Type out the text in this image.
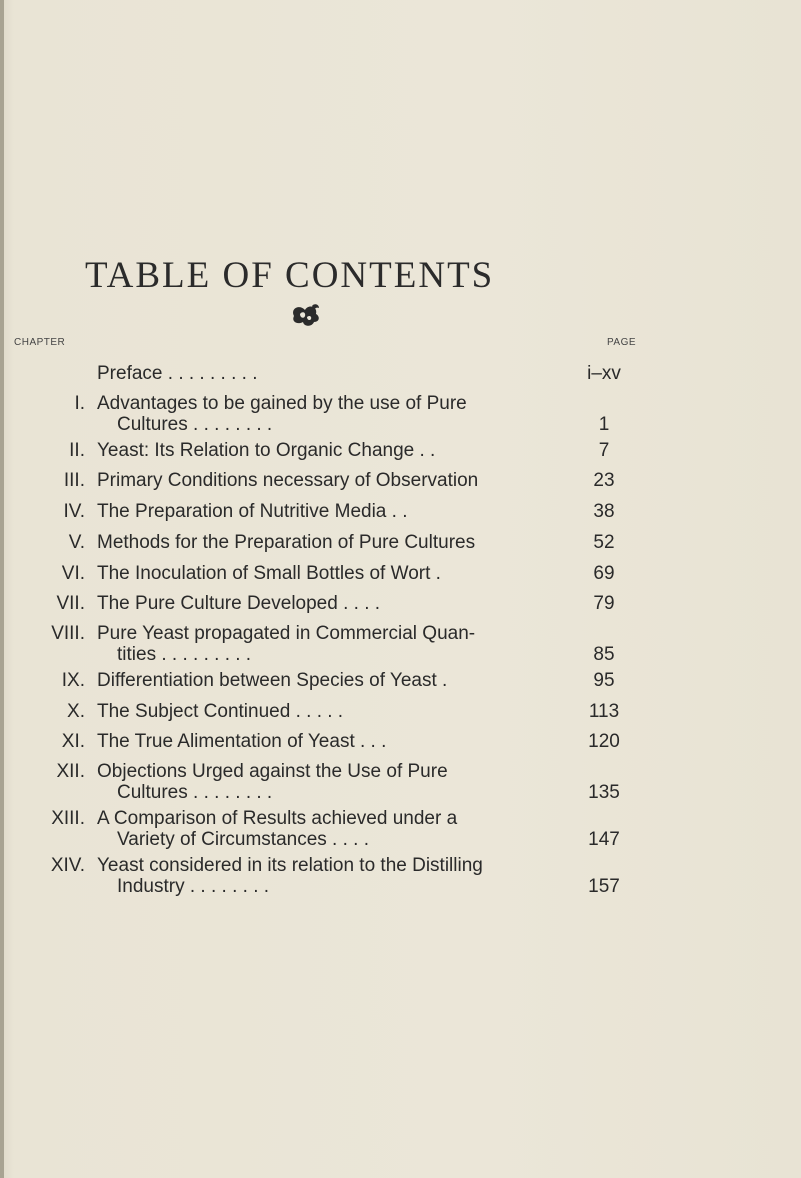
TABLE OF CONTENTS
CHAPTER	PAGE
Preface . . . . . . . . .	i–xv
I. Advantages to be gained by the use of Pure
Cultures . . . . . . . .	1
II. Yeast: Its Relation to Organic Change . .	7
III. Primary Conditions necessary of Observation	23
IV. The Preparation of Nutritive Media . .	38
V. Methods for the Preparation of Pure Cultures	52
VI. The Inoculation of Small Bottles of Wort .	69
VII. The Pure Culture Developed . . . .	79
VIII. Pure Yeast propagated in Commercial Quan-
tities . . . . . . . . .	85
IX. Differentiation between Species of Yeast .	95
X. The Subject Continued . . . . .	113
XI. The True Alimentation of Yeast . . .	120
XII. Objections Urged against the Use of Pure
Cultures . . . . . . . .	135
XIII. A Comparison of Results achieved under a
Variety of Circumstances . . . .	147
XIV. Yeast considered in its relation to the Distilling
Industry . . . . . . . .	157
